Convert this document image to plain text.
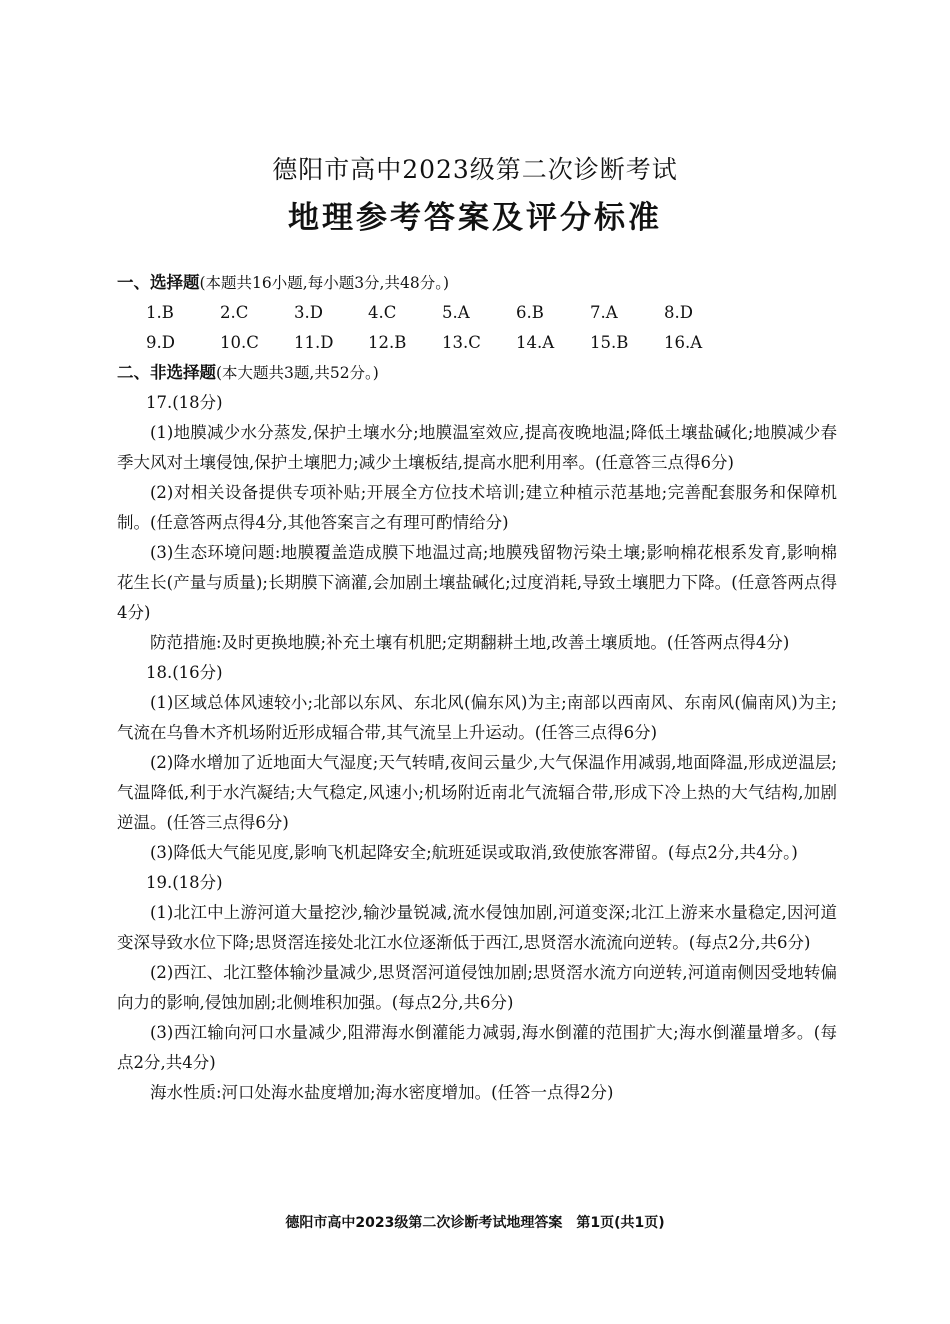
德阳市高中2023级第二次诊断考试
地理参考答案及评分标准
一、选择题(本题共16小题,每小题3分,共48分。)
1.B	2.C	3.D	4.C	5.A	6.B	7.A	8.D
9.D	10.C	11.D	12.B	13.C	14.A	15.B	16.A
二、非选择题(本大题共3题,共52分。)
17.(18分)

(1)地膜减少水分蒸发,保护土壤水分;地膜温室效应,提高夜晚地温;降低土壤盐碱化;地膜减少春季大风对土壤侵蚀,保护土壤肥力;减少土壤板结,提高水肥利用率。(任意答三点得6分)

(2)对相关设备提供专项补贴;开展全方位技术培训;建立种植示范基地;完善配套服务和保障机制。(任意答两点得4分,其他答案言之有理可酌情给分)

(3)生态环境问题:地膜覆盖造成膜下地温过高;地膜残留物污染土壤;影响棉花根系发育,影响棉花生长(产量与质量);长期膜下滴灌,会加剧土壤盐碱化;过度消耗,导致土壤肥力下降。(任意答两点得4分)

防范措施:及时更换地膜;补充土壤有机肥;定期翻耕土地,改善土壤质地。(任答两点得4分)

18.(16分)

(1)区域总体风速较小;北部以东风、东北风(偏东风)为主;南部以西南风、东南风(偏南风)为主;气流在乌鲁木齐机场附近形成辐合带,其气流呈上升运动。(任答三点得6分)

(2)降水增加了近地面大气湿度;天气转晴,夜间云量少,大气保温作用减弱,地面降温,形成逆温层;气温降低,利于水汽凝结;大气稳定,风速小;机场附近南北气流辐合带,形成下冷上热的大气结构,加剧逆温。(任答三点得6分)

(3)降低大气能见度,影响飞机起降安全;航班延误或取消,致使旅客滞留。(每点2分,共4分。)

19.(18分)

(1)北江中上游河道大量挖沙,输沙量锐减,流水侵蚀加剧,河道变深;北江上游来水量稳定,因河道变深导致水位下降;思贤滘连接处北江水位逐渐低于西江,思贤滘水流流向逆转。(每点2分,共6分)

(2)西江、北江整体输沙量减少,思贤滘河道侵蚀加剧;思贤滘水流方向逆转,河道南侧因受地转偏向力的影响,侵蚀加剧;北侧堆积加强。(每点2分,共6分)

(3)西江输向河口水量减少,阻滞海水倒灌能力减弱,海水倒灌的范围扩大;海水倒灌量增多。(每点2分,共4分)

海水性质:河口处海水盐度增加;海水密度增加。(任答一点得2分)

德阳市高中2023级第二次诊断考试地理答案　第1页(共1页)
